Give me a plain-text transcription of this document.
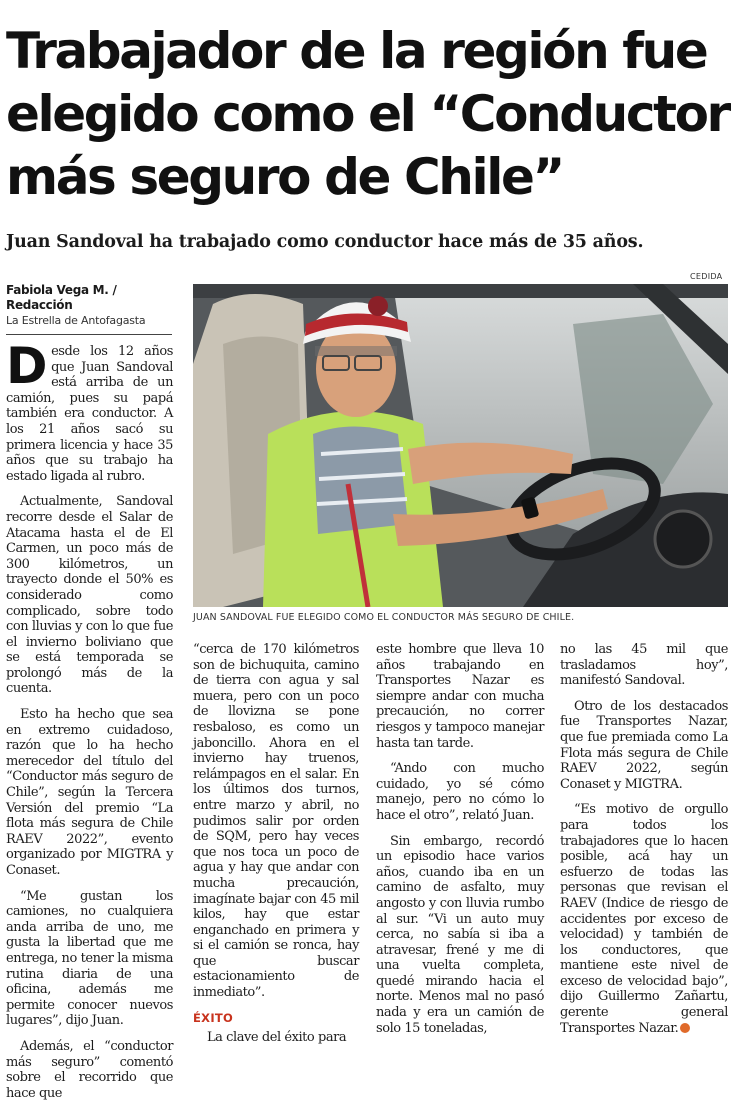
Trabajador de la región fue
elegido como el “Conductor
más seguro de Chile”
Juan Sandoval ha trabajado como conductor hace más de 35 años.
Fabiola Vega M. / Redacción
La Estrella de Antofagasta
CEDIDA
JUAN SANDOVAL FUE ELEGIDO COMO EL CONDUCTOR MÁS SEGURO DE CHILE.

Desde los 12 años que Juan Sandoval está arriba de un camión, pues su papá también era conductor. A los 21 años sacó su primera licencia y hace 35 años que su trabajo ha estado ligada al rubro.

Actualmente, Sandoval recorre desde el Salar de Atacama hasta el de El Carmen, un poco más de 300 kilómetros, un trayecto donde el 50% es considerado como complicado, sobre todo con lluvias y con lo que fue el invierno boliviano que se está temporada se prolongó más de la cuenta.

Esto ha hecho que sea en extremo cuidadoso, razón que lo ha hecho merecedor del título del “Conductor más seguro de Chile”, según la Tercera Versión del premio “La flota más segura de Chile RAEV 2022”, evento organizado por MIGTRA y Conaset.

“Me gustan los camiones, no cualquiera anda arriba de uno, me gusta la libertad que me entrega, no tener la misma rutina diaria de una oficina, además me permite conocer nuevos lugares”, dijo Juan.

Además, el “conductor más seguro” comentó sobre el recorrido que hace que

“cerca de 170 kilómetros son de bichuquita, camino de tierra con agua y sal muera, pero con un poco de llovizna se pone resbaloso, es como un jaboncillo. Ahora en el invierno hay truenos, relámpagos en el salar. En los últimos dos turnos, entre marzo y abril, no pudimos salir por orden de SQM, pero hay veces que nos toca un poco de agua y hay que andar con mucha precaución, imagínate bajar con 45 mil kilos, hay que estar enganchado en primera y si el camión se ronca, hay que buscar estacionamiento de inmediato”.

ÉXITO

La clave del éxito para

este hombre que lleva 10 años trabajando en Transportes Nazar es siempre andar con mucha precaución, no correr riesgos y tampoco manejar hasta tan tarde.

“Ando con mucho cuidado, yo sé cómo manejo, pero no cómo lo hace el otro”, relató Juan.

Sin embargo, recordó un episodio hace varios años, cuando iba en un camino de asfalto, muy angosto y con lluvia rumbo al sur. “Vi un auto muy cerca, no sabía si iba a atravesar, frené y me di una vuelta completa, quedé mirando hacia el norte. Menos mal no pasó nada y era un camión de solo 15 toneladas,

no las 45 mil que trasladamos hoy”, manifestó Sandoval.

Otro de los destacados fue Transportes Nazar, que fue premiada como La Flota más segura de Chile RAEV 2022, según Conaset y MIGTRA.

“Es motivo de orgullo para todos los trabajadores que lo hacen posible, acá hay un esfuerzo de todas las personas que revisan el RAEV (Indice de riesgo de accidentes por exceso de velocidad) y también de los conductores, que mantiene este nivel de exceso de velocidad bajo”, dijo Guillermo Zañartu, gerente general Transportes Nazar. ✦
